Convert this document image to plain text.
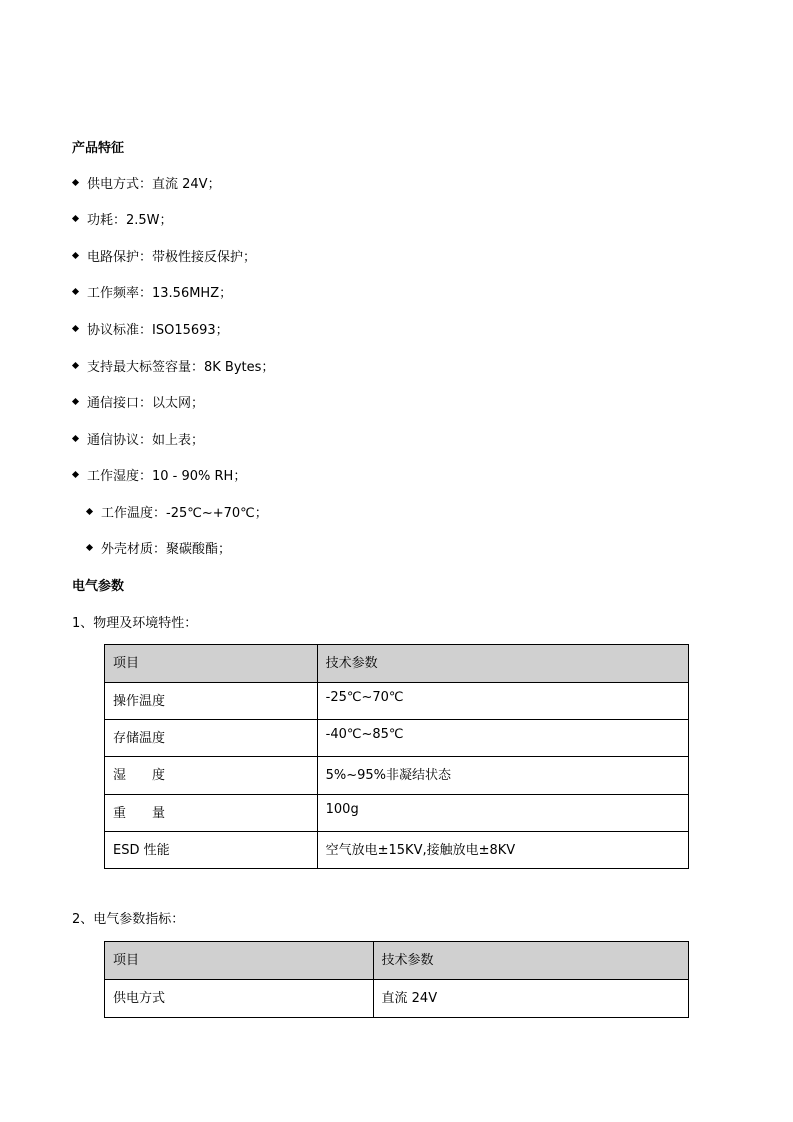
产品特征
供电方式：直流 24V；
功耗：2.5W；
电路保护：带极性接反保护；
工作频率：13.56MHZ；
协议标准：ISO15693；
支持最大标签容量：8K Bytes；
通信接口：以太网；
通信协议：如上表；
工作湿度：10 - 90% RH；
工作温度：-25℃~+70℃；
外壳材质：聚碳酸酯；
电气参数
1、物理及环境特性：
项目	技术参数
操作温度	-25℃~70℃
存储温度	-40℃~85℃
湿　　度	5%~95%非凝结状态
重　　量	100g
ESD 性能	空气放电±15KV,接触放电±8KV
2、电气参数指标：
项目	技术参数
供电方式	直流 24V
